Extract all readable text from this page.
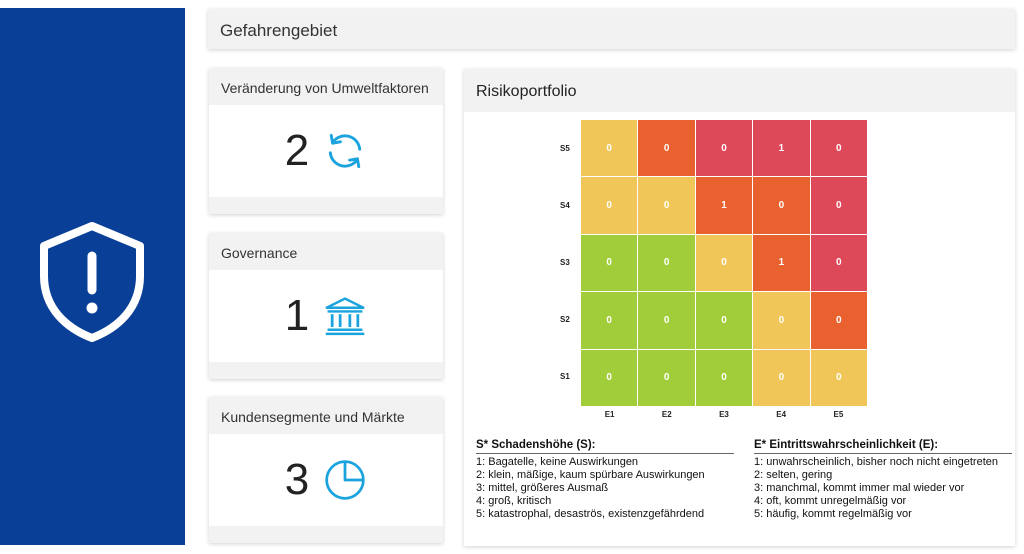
Gefahrengebiet
Veränderung von Umweltfaktoren
2
Governance
1
Kundensegmente und Märkte
3
Risikoportfolio
0	0	0	1	0
0	0	1	0	0
0	0	0	1	0
0	0	0	0	0
0	0	0	0	0
S* Schadenshöhe (S):
1: Bagatelle, keine Auswirkungen
2: klein, mäßige, kaum spürbare Auswirkungen
3: mittel, größeres Ausmaß
4: groß, kritisch
5: katastrophal, desaströs, existenzgefährdend
E* Eintrittswahrscheinlichkeit (E):
1: unwahrscheinlich, bisher noch nicht eingetreten
2: selten, gering
3: manchmal, kommt immer mal wieder vor
4: oft, kommt unregelmäßig vor
5: häufig, kommt regelmäßig vor
S5
S4
S3
S2
S1
E1	E2	E3	E4	E5
